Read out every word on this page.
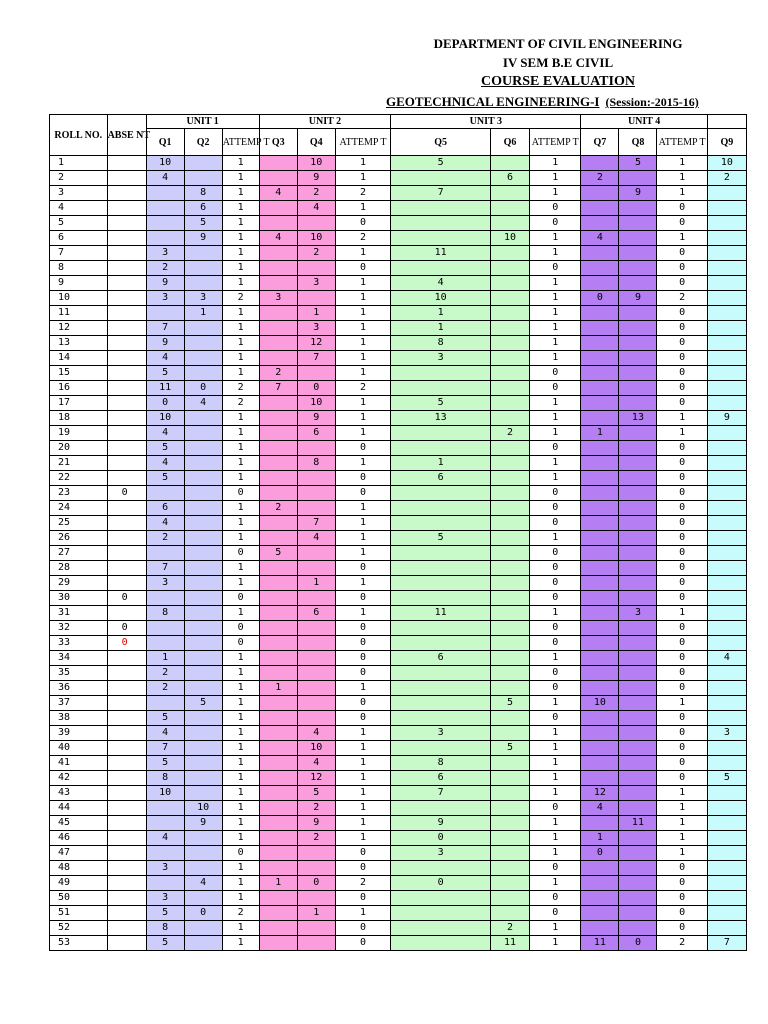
DEPARTMENT OF CIVIL ENGINEERING
IV SEM B.E CIVIL
COURSE EVALUATION
GEOTECHNICAL ENGINEERING-I (Session:-2015-16)
ROLL NO.	ABSE NT	UNIT 1			UNIT 2			UNIT 3			UNIT 4			
		Q1	Q2	ATTEMP T	Q3	Q4	ATTEMP T	Q5	Q6	ATTEMP T	Q7	Q8	ATTEMP T	Q9
1		10		1		10	1	5		1		5	1	10
2		4		1		9	1		6	1	2		1	2
3			8	1	4	2	2	7		1		9	1	
4			6	1		4	1			0			0	
5			5	1			0			0			0	
6			9	1	4	10	2		10	1	4		1	
7		3		1		2	1	11		1			0	
8		2		1			0			0			0	
9		9		1		3	1	4		1			0	
10		3	3	2	3		1	10		1	0	9	2	
11			1	1		1	1	1		1			0	
12		7		1		3	1	1		1			0	
13		9		1		12	1	8		1			0	
14		4		1		7	1	3		1			0	
15		5		1	2		1			0			0	
16		11	0	2	7	0	2			0			0	
17		0	4	2		10	1	5		1			0	
18		10		1		9	1	13		1		13	1	9
19		4		1		6	1		2	1	1		1	
20		5		1			0			0			0	
21		4		1		8	1	1		1			0	
22		5		1			0	6		1			0	
23	0			0			0			0			0	
24		6		1	2		1			0			0	
25		4		1		7	1			0			0	
26		2		1		4	1	5		1			0	
27				0	5		1			0			0	
28		7		1			0			0			0	
29		3		1		1	1			0			0	
30	0			0			0			0			0	
31		8		1		6	1	11		1		3	1	
32	0			0			0			0			0	
33	0			0			0			0			0	
34		1		1			0	6		1			0	4
35		2		1			0			0			0	
36		2		1	1		1			0			0	
37			5	1			0		5	1	10		1	
38		5		1			0			0			0	
39		4		1		4	1	3		1			0	3
40		7		1		10	1		5	1			0	
41		5		1		4	1	8		1			0	
42		8		1		12	1	6		1			0	5
43		10		1		5	1	7		1	12		1	
44			10	1		2	1			0	4		1	
45			9	1		9	1	9		1		11	1	
46		4		1		2	1	0		1	1		1	
47				0			0	3		1	0		1	
48		3		1			0			0			0	
49			4	1	1	0	2	0		1			0	
50		3		1			0			0			0	
51		5	0	2		1	1			0			0	
52		8		1			0		2	1			0	
53		5		1			0		11	1	11	0	2	7
